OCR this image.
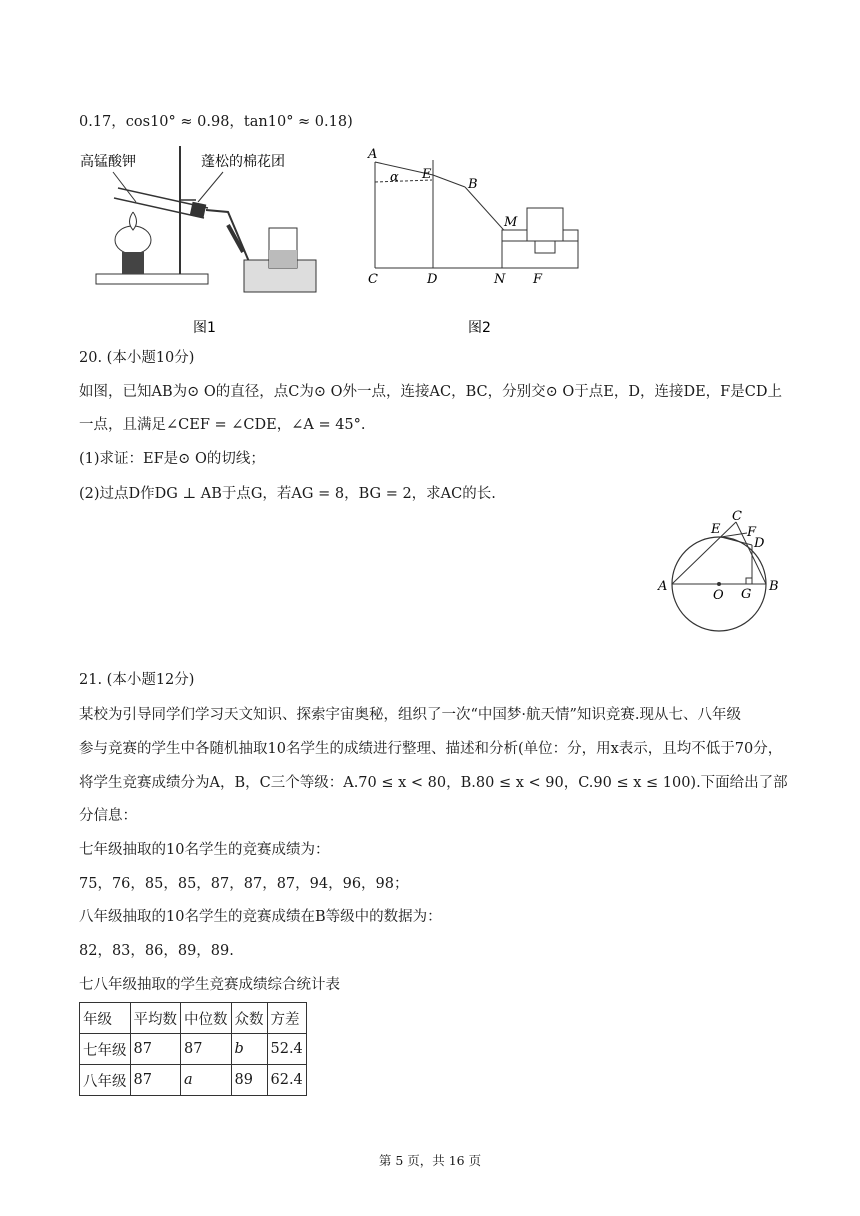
0.17，cos10° ≈ 0.98，tan10° ≈ 0.18)
高锰酸钾	蓬松的棉花团
图1
A
E
B
M
C	D	N F
α
图2
20. (本小题10分)
如图，已知AB为⊙ O的直径，点C为⊙ O外一点，连接AC，BC，分别交⊙ O于点E，D，连接DE，F是CD上
一点，且满足∠CEF = ∠CDE，∠A = 45°.
(1)求证：EF是⊙ O的切线；
(2)过点D作DG ⊥ AB于点G，若AG = 8，BG = 2，求AC的长.
A	B
C
D
E F
G
O
21. (本小题12分)
某校为引导同学们学习天文知识、探索宇宙奥秘，组织了一次“中国梦·航天情”知识竞赛.现从七、八年级
参与竞赛的学生中各随机抽取10名学生的成绩进行整理、描述和分析(单位：分，用x表示，且均不低于70分，
将学生竞赛成绩分为A，B，C三个等级：A.70 ≤ x < 80，B.80 ≤ x < 90，C.90 ≤ x ≤ 100).下面给出了部
分信息：
七年级抽取的10名学生的竞赛成绩为：
75，76，85，85，87，87，87，94，96，98；
八年级抽取的10名学生的竞赛成绩在B等级中的数据为：
82，83，86，89，89.
七八年级抽取的学生竞赛成绩综合统计表
年级	平均数	中位数	众数	方差
七年级	87	87	b	52.4
八年级	87	a	89	62.4
第 5 页，共 16 页
